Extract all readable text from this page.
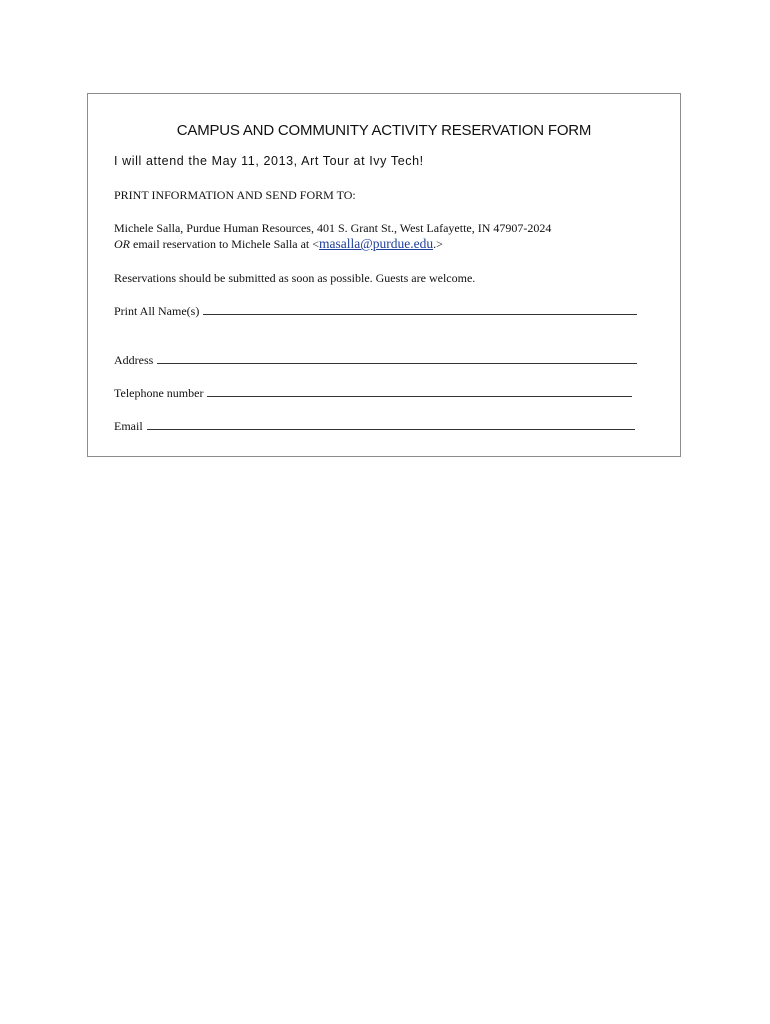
CAMPUS AND COMMUNITY ACTIVITY RESERVATION FORM
I will attend the May 11, 2013, Art Tour at Ivy Tech!
PRINT INFORMATION AND SEND FORM TO:
Michele Salla, Purdue Human Resources, 401 S. Grant St., West Lafayette, IN 47907-2024
OR email reservation to Michele Salla at <masalla@purdue.edu.>
Reservations should be submitted as soon as possible. Guests are welcome.
Print All Name(s)
Address
Telephone number
Email
